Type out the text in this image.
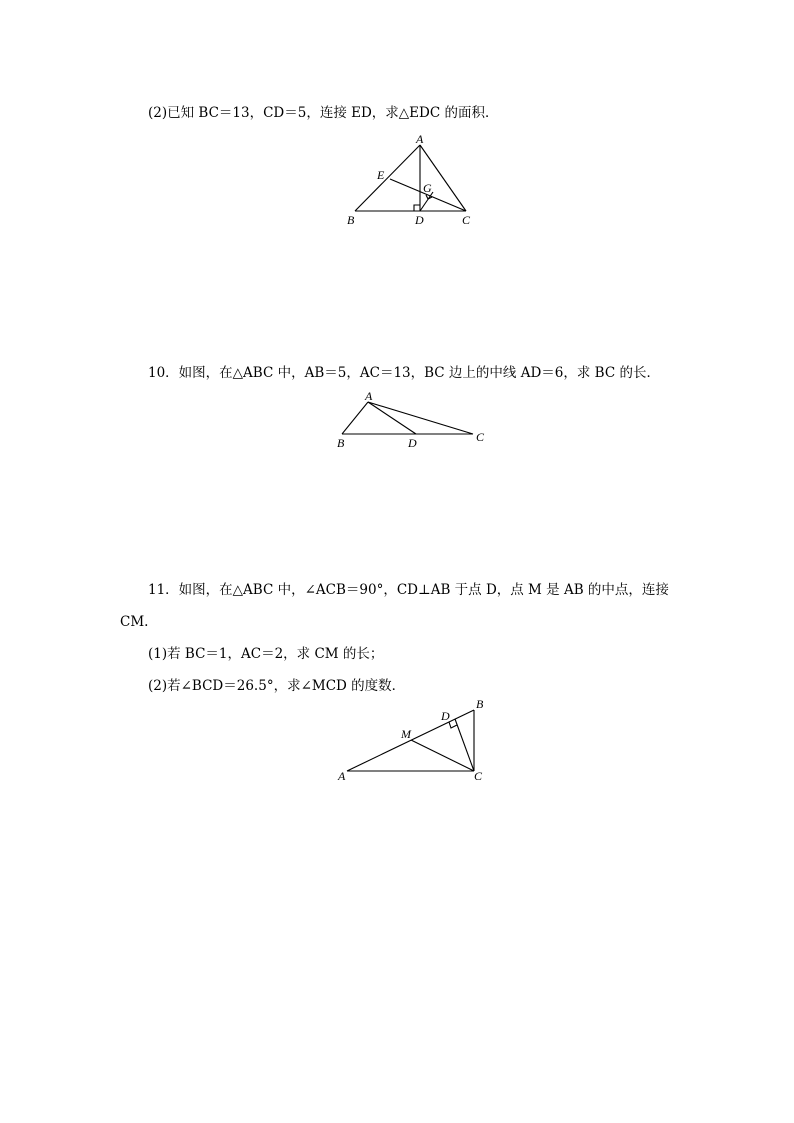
(2)已知 BC＝13，CD＝5，连接 ED，求△EDC 的面积．
A
E
G
B	D	C
10．如图，在△ABC 中，AB＝5，AC＝13，BC 边上的中线 AD＝6，求 BC 的长．
A
B	D	C
11．如图，在△ABC 中，∠ACB＝90°，CD⊥AB 于点 D，点 M 是 AB 的中点，连接
CM.
(1)若 BC＝1，AC＝2，求 CM 的长；
(2)若∠BCD＝26.5°，求∠MCD 的度数．
D
B
M
A	C
